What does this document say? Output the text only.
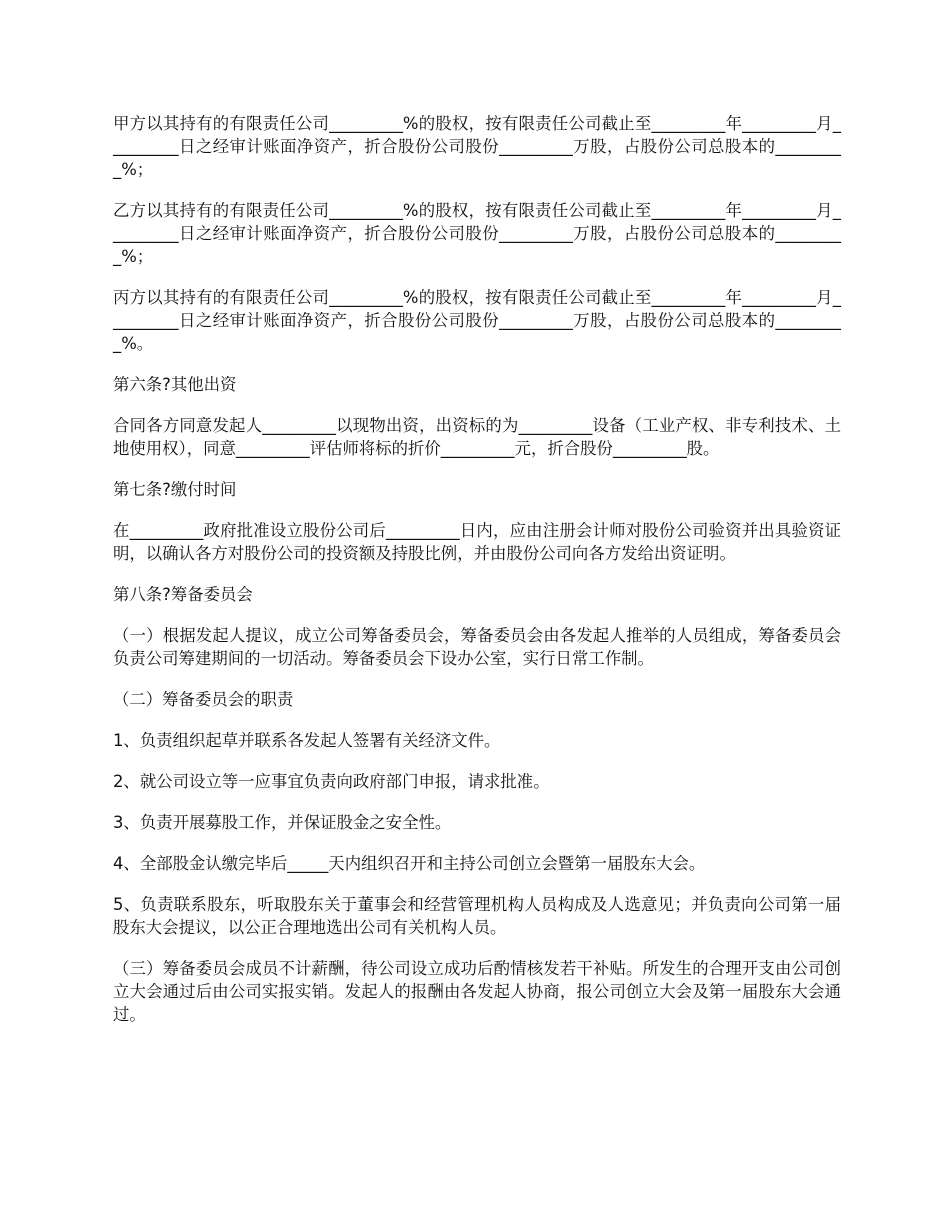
甲方以其持有的有限责任公司_________%的股权，按有限责任公司截止至_________年_________月_________日之经审计账面净资产，折合股份公司股份_________万股，占股份公司总股本的_________%；

乙方以其持有的有限责任公司_________%的股权，按有限责任公司截止至_________年_________月_________日之经审计账面净资产，折合股份公司股份_________万股，占股份公司总股本的_________%；

丙方以其持有的有限责任公司_________%的股权，按有限责任公司截止至_________年_________月_________日之经审计账面净资产，折合股份公司股份_________万股，占股份公司总股本的_________%。

第六条?其他出资

合同各方同意发起人_________以现物出资，出资标的为_________设备（工业产权、非专利技术、土地使用权），同意_________评估师将标的折价_________元，折合股份_________股。

第七条?缴付时间

在_________政府批准设立股份公司后_________日内，应由注册会计师对股份公司验资并出具验资证明，以确认各方对股份公司的投资额及持股比例，并由股份公司向各方发给出资证明。

第八条?筹备委员会

（一）根据发起人提议，成立公司筹备委员会，筹备委员会由各发起人推举的人员组成，筹备委员会负责公司筹建期间的一切活动。筹备委员会下设办公室，实行日常工作制。

（二）筹备委员会的职责

1、负责组织起草并联系各发起人签署有关经济文件。

2、就公司设立等一应事宜负责向政府部门申报，请求批准。

3、负责开展募股工作，并保证股金之安全性。

4、全部股金认缴完毕后_____天内组织召开和主持公司创立会暨第一届股东大会。

5、负责联系股东，听取股东关于董事会和经营管理机构人员构成及人选意见；并负责向公司第一届股东大会提议，以公正合理地选出公司有关机构人员。

（三）筹备委员会成员不计薪酬，待公司设立成功后酌情核发若干补贴。所发生的合理开支由公司创立大会通过后由公司实报实销。发起人的报酬由各发起人协商，报公司创立大会及第一届股东大会通过。
